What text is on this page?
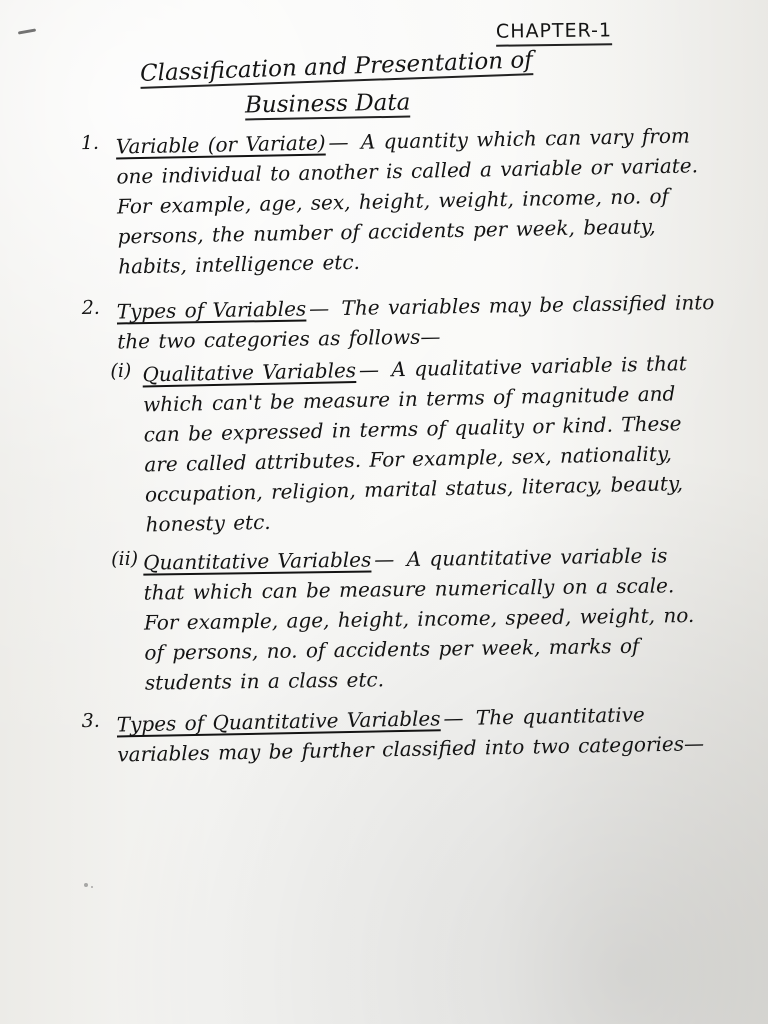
CHAPTER-1
Classification and Presentation of
Business Data
1. Variable (or Variate) — A quantity which can vary from one individual to another is called a variable or variate. For example, age, sex, height, weight, income, no. of persons, the number of accidents per week, beauty, habits, intelligence etc.
2. Types of Variables — The variables may be classified into the two categories as follows—
(i) Qualitative Variables — A qualitative variable is that which can't be measure in terms of magnitude and can be expressed in terms of quality or kind. These are called attributes. For example, sex, nationality, occupation, religion, marital status, literacy, beauty, honesty etc.
(ii) Quantitative Variables — A quantitative variable is that which can be measure numerically on a scale. For example, age, height, income, speed, weight, no. of persons, no. of accidents per week, marks of students in a class etc.
3. Types of Quantitative Variables — The quantitative variables may be further classified into two categories—
